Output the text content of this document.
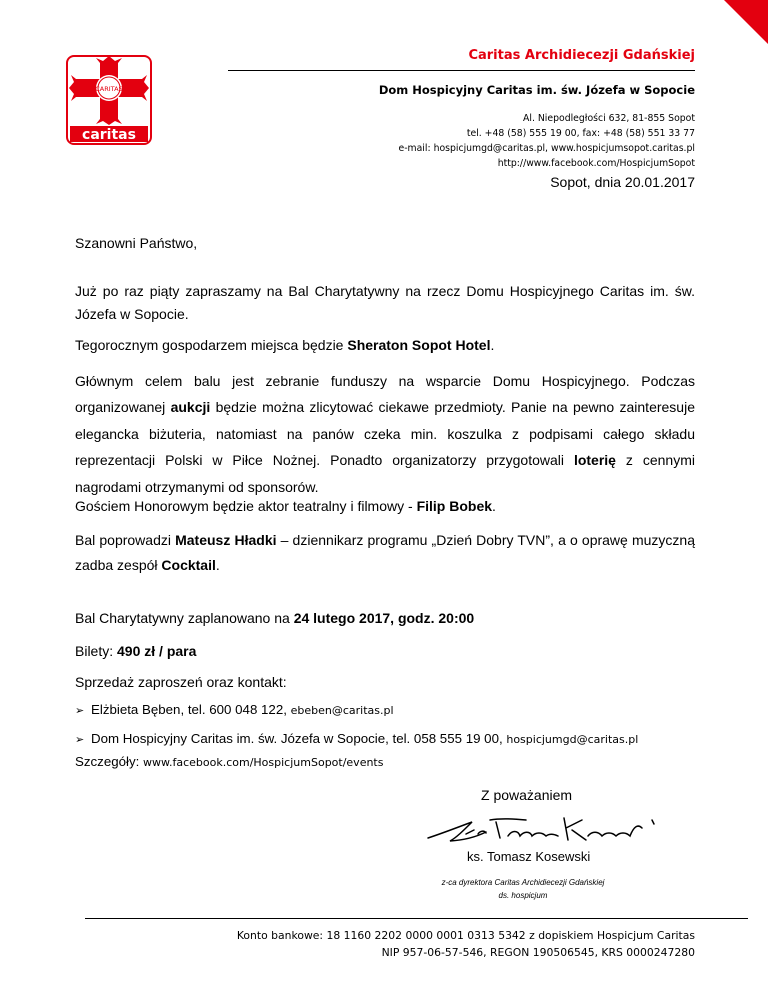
CARITAS
caritas
Caritas Archidiecezji Gdańskiej
Dom Hospicyjny Caritas im. św. Józefa w Sopocie
Al. Niepodległości 632, 81-855 Sopot
tel. +48 (58) 555 19 00, fax: +48 (58) 551 33 77
e-mail: hospicjumgd@caritas.pl, www.hospicjumsopot.caritas.pl
http://www.facebook.com/HospicjumSopot
Sopot, dnia 20.01.2017
Szanowni Państwo,
Już po raz piąty zapraszamy na Bal Charytatywny na rzecz Domu Hospicyjnego Caritas im. św. Józefa w Sopocie.
Tegorocznym gospodarzem miejsca będzie Sheraton Sopot Hotel.
Głównym celem balu jest zebranie funduszy na wsparcie Domu Hospicyjnego. Podczas organizowanej aukcji będzie można zlicytować ciekawe przedmioty. Panie na pewno zainteresuje elegancka biżuteria, natomiast na panów czeka min. koszulka z podpisami całego składu reprezentacji Polski w Piłce Nożnej. Ponadto organizatorzy przygotowali loterię z cennymi nagrodami otrzymanymi od sponsorów.
Gościem Honorowym będzie aktor teatralny i filmowy - Filip Bobek.
Bal poprowadzi Mateusz Hładki – dziennikarz programu „Dzień Dobry TVN”, a o oprawę muzyczną zadba zespół Cocktail.
Bal Charytatywny zaplanowano na 24 lutego 2017, godz. 20:00
Bilety: 490 zł / para
Sprzedaż zaproszeń oraz kontakt:
➢ Elżbieta Bęben, tel. 600 048 122, ebeben@caritas.pl
➢ Dom Hospicyjny Caritas im. św. Józefa w Sopocie, tel. 058 555 19 00, hospicjumgd@caritas.pl
Szczegóły: www.facebook.com/HospicjumSopot/events
Z poważaniem
ks. Tomasz Kosewski
z-ca dyrektora Caritas Archidiecezji Gdańskiej
ds. hospicjum
Konto bankowe: 18 1160 2202 0000 0001 0313 5342 z dopiskiem Hospicjum Caritas
NIP 957-06-57-546, REGON 190506545, KRS 0000247280
